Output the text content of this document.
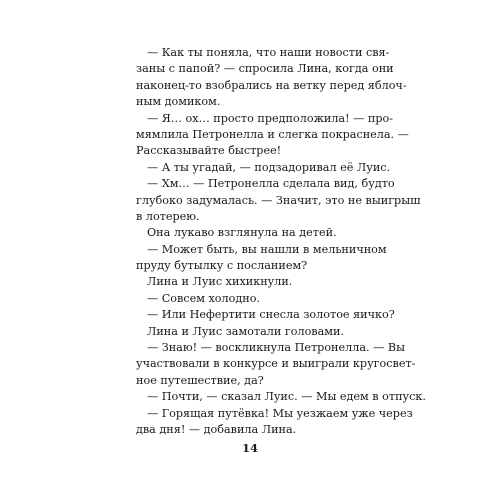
— Как ты поняла, что наши новости свя-
заны с папой? — спросила Лина, когда они
наконец-то взобрались на ветку перед яблоч-
ным домиком.
— Я… ох… просто предположила! — про-
мямлила Петронелла и слегка покраснела. —
Рассказывайте быстрее!
— А ты угадай, — подзадоривал её Луис.
— Хм… — Петронелла сделала вид, будто
глубоко задумалась. — Значит, это не выигрыш
в лотерею.
Она лукаво взглянула на детей.
— Может быть, вы нашли в мельничном
пруду бутылку с посланием?
Лина и Луис хихикнули.
— Совсем холодно.
— Или Нефертити снесла золотое яичко?
Лина и Луис замотали головами.
— Знаю! — воскликнула Петронелла. — Вы
участвовали в конкурсе и выиграли кругосвет-
ное путешествие, да?
— Почти, — сказал Луис. — Мы едем в отпуск.
— Горящая путёвка! Мы уезжаем уже через
два дня! — добавила Лина.
14
